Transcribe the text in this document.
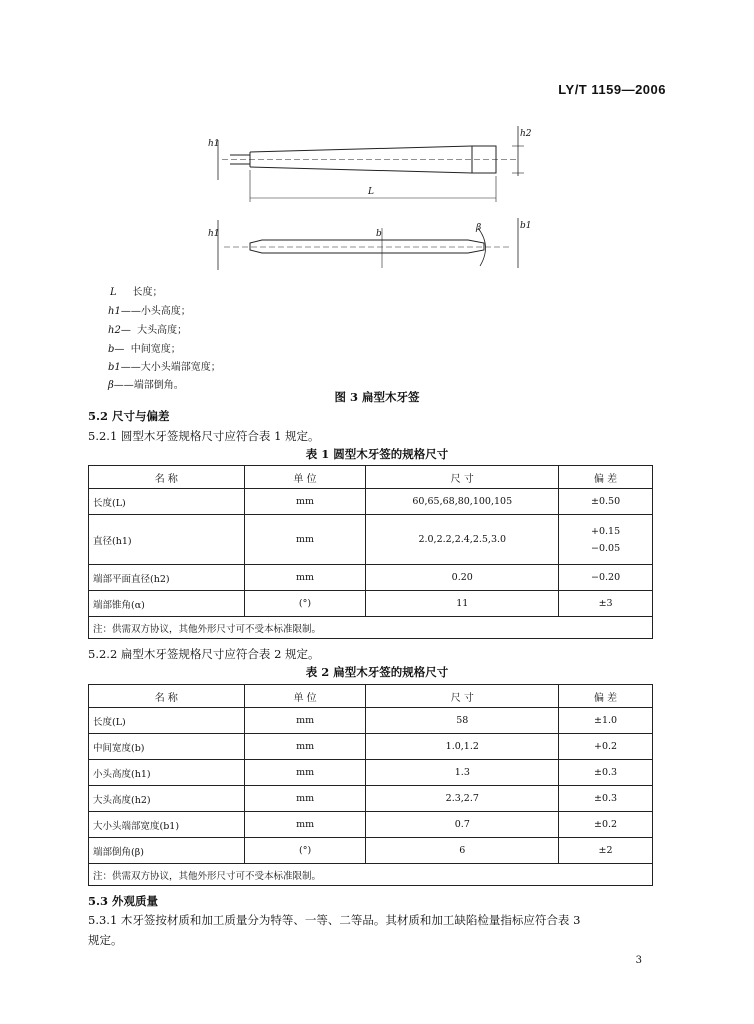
LY/T 1159—2006
h1
h2
L
h1	b
β	b1
L 长度；
h1——小头高度；
h2— 大头高度；
b— 中间宽度；
b1——大小头端部宽度；
β——端部倒角。
图 3 扁型木牙签
5.2 尺寸与偏差
5.2.1 圆型木牙签规格尺寸应符合表 1 规定。
表 1 圆型木牙签的规格尺寸
名 称	单 位	尺 寸	偏 差
长度(L)	mm	60,65,68,80,100,105	±0.50
直径(h1)	mm	2.0,2.2,2.4,2.5,3.0	+0.15
−0.05

端部平面直径(h2)	mm	0.20	−0.20
端部锥角(α)	(°)	11	±3
注：供需双方协议，其他外形尺寸可不受本标准限制。			
5.2.2 扁型木牙签规格尺寸应符合表 2 规定。
表 2 扁型木牙签的规格尺寸
名 称	单 位	尺 寸	偏 差
长度(L)	mm	58	±1.0
中间宽度(b)	mm	1.0,1.2	+0.2
小头高度(h1)	mm	1.3	±0.3
大头高度(h2)	mm	2.3,2.7	±0.3
大小头端部宽度(b1)	mm	0.7	±0.2
端部倒角(β)	(°)	6	±2
注：供需双方协议，其他外形尺寸可不受本标准限制。			
5.3 外观质量
5.3.1 木牙签按材质和加工质量分为特等、一等、二等品。其材质和加工缺陷检量指标应符合表 3
规定。
3
